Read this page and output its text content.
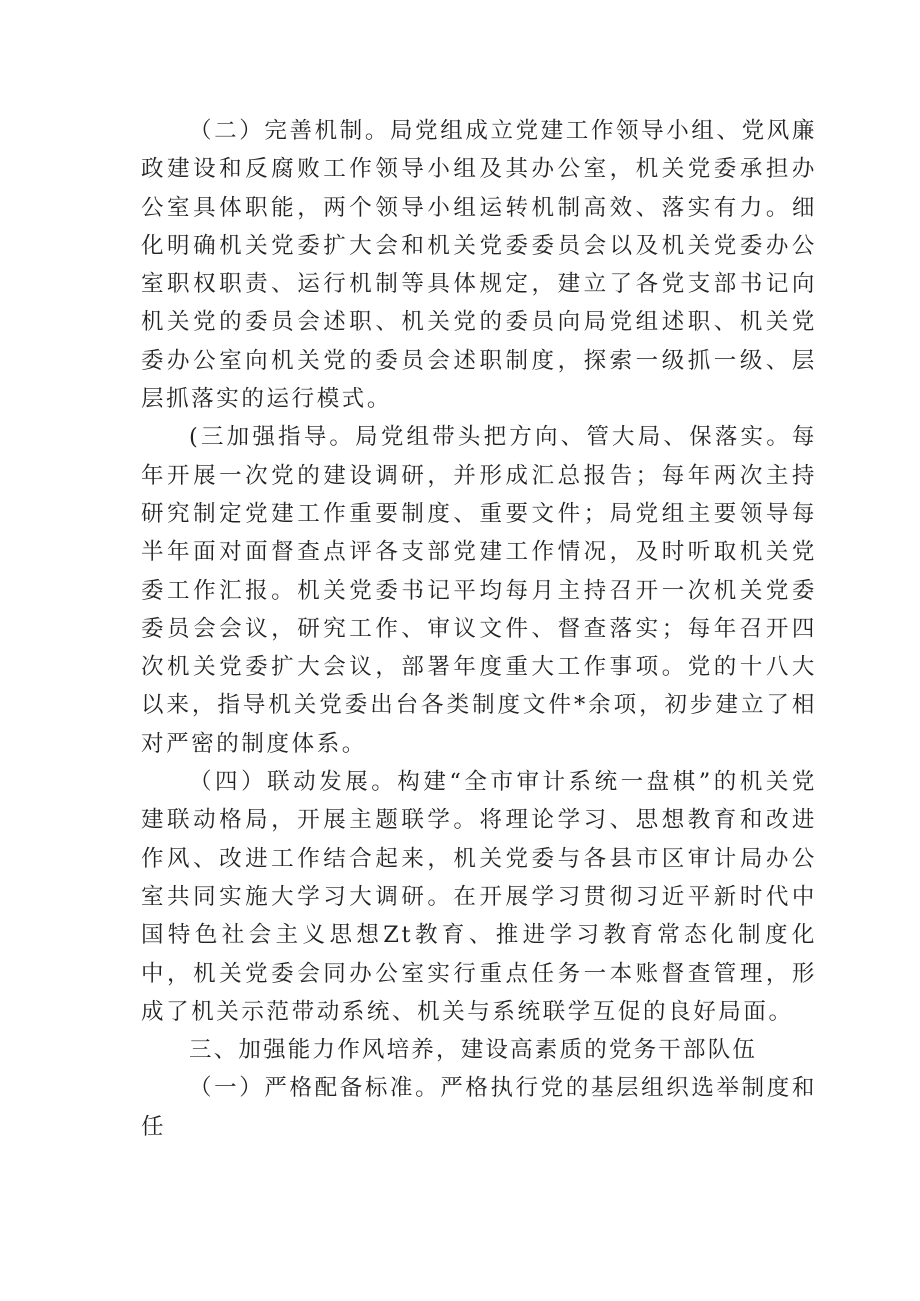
（二）完善机制。局党组成立党建工作领导小组、党风廉政建设和反腐败工作领导小组及其办公室，机关党委承担办公室具体职能，两个领导小组运转机制高效、落实有力。细化明确机关党委扩大会和机关党委委员会以及机关党委办公室职权职责、运行机制等具体规定，建立了各党支部书记向机关党的委员会述职、机关党的委员向局党组述职、机关党委办公室向机关党的委员会述职制度，探索一级抓一级、层层抓落实的运行模式。

(三加强指导。局党组带头把方向、管大局、保落实。每年开展一次党的建设调研，并形成汇总报告；每年两次主持研究制定党建工作重要制度、重要文件；局党组主要领导每半年面对面督查点评各支部党建工作情况，及时听取机关党委工作汇报。机关党委书记平均每月主持召开一次机关党委委员会会议，研究工作、审议文件、督查落实；每年召开四次机关党委扩大会议，部署年度重大工作事项。党的十八大以来，指导机关党委出台各类制度文件*余项，初步建立了相对严密的制度体系。

（四）联动发展。构建“全市审计系统一盘棋”的机关党建联动格局，开展主题联学。将理论学习、思想教育和改进作风、改进工作结合起来，机关党委与各县市区审计局办公室共同实施大学习大调研。在开展学习贯彻习近平新时代中国特色社会主义思想Zt教育、推进学习教育常态化制度化中，机关党委会同办公室实行重点任务一本账督查管理，形成了机关示范带动系统、机关与系统联学互促的良好局面。

三、加强能力作风培养，建设高素质的党务干部队伍

（一）严格配备标准。严格执行党的基层组织选举制度和任
